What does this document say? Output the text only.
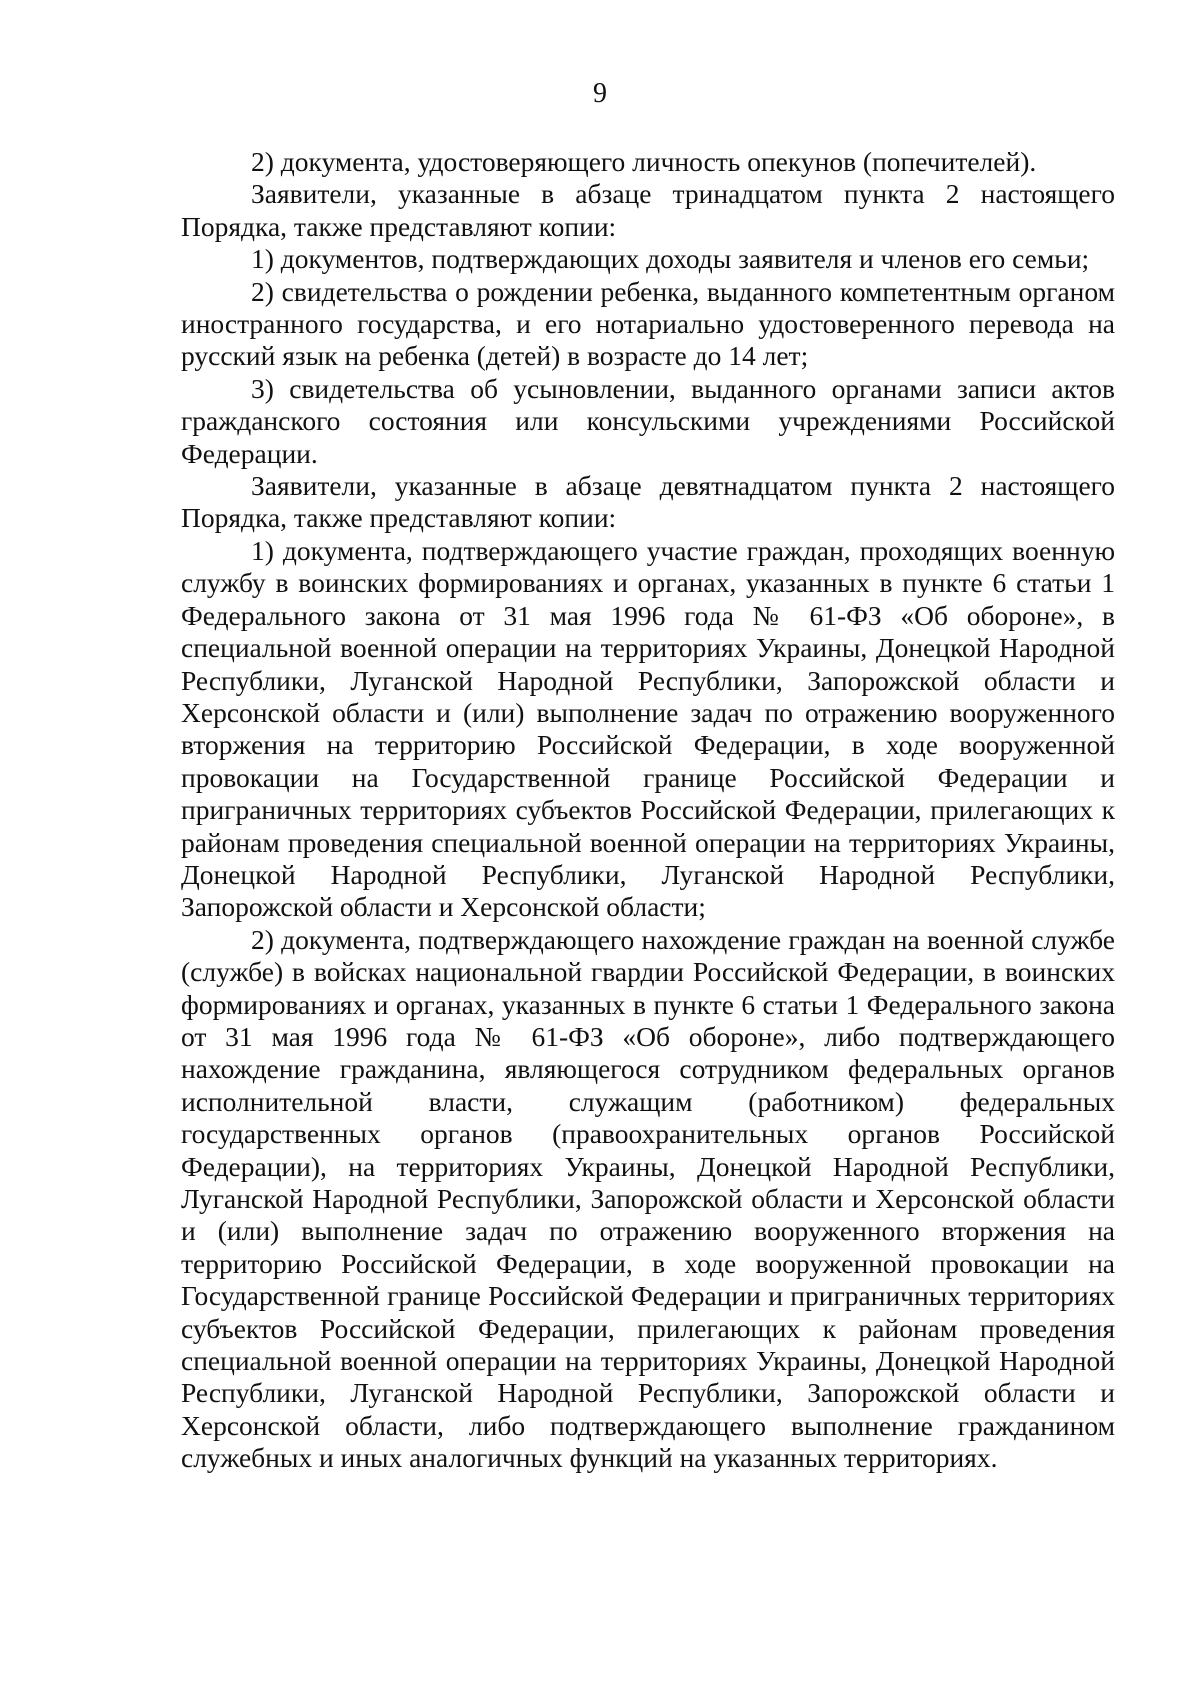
9

2) документа, удостоверяющего личность опекунов (попечителей).

Заявители, указанные в абзаце тринадцатом пункта 2 настоящего Порядка, также представляют копии:

1) документов, подтверждающих доходы заявителя и членов его семьи;

2) свидетельства о рождении ребенка, выданного компетентным органом иностранного государства, и его нотариально удостоверенного перевода на русский язык на ребенка (детей) в возрасте до 14 лет;

3) свидетельства об усыновлении, выданного органами записи актов гражданского состояния или консульскими учреждениями Российской Федерации.

Заявители, указанные в абзаце девятнадцатом пункта 2 настоящего Порядка, также представляют копии:

1) документа, подтверждающего участие граждан, проходящих военную службу в воинских формированиях и органах, указанных в пункте 6 статьи 1 Федерального закона от 31 мая 1996 года № 61-ФЗ «Об обороне», в специальной военной операции на территориях Украины, Донецкой Народной Республики, Луганской Народной Республики, Запорожской области и Херсонской области и (или) выполнение задач по отражению вооруженного вторжения на территорию Российской Федерации, в ходе вооруженной провокации на Государственной границе Российской Федерации и приграничных территориях субъектов Российской Федерации, прилегающих к районам проведения специальной военной операции на территориях Украины, Донецкой Народной Республики, Луганской Народной Республики, Запорожской области и Херсонской области;

2) документа, подтверждающего нахождение граждан на военной службе (службе) в войсках национальной гвардии Российской Федерации, в воинских формированиях и органах, указанных в пункте 6 статьи 1 Федерального закона от 31 мая 1996 года № 61-ФЗ «Об обороне», либо подтверждающего нахождение гражданина, являющегося сотрудником федеральных органов исполнительной власти, служащим (работником) федеральных государственных органов (правоохранительных органов Российской Федерации), на территориях Украины, Донецкой Народной Республики, Луганской Народной Республики, Запорожской области и Херсонской области и (или) выполнение задач по отражению вооруженного вторжения на территорию Российской Федерации, в ходе вооруженной провокации на Государственной границе Российской Федерации и приграничных территориях субъектов Российской Федерации, прилегающих к районам проведения специальной военной операции на территориях Украины, Донецкой Народной Республики, Луганской Народной Республики, Запорожской области и Херсонской области, либо подтверждающего выполнение гражданином служебных и иных аналогичных функций на указанных территориях.
